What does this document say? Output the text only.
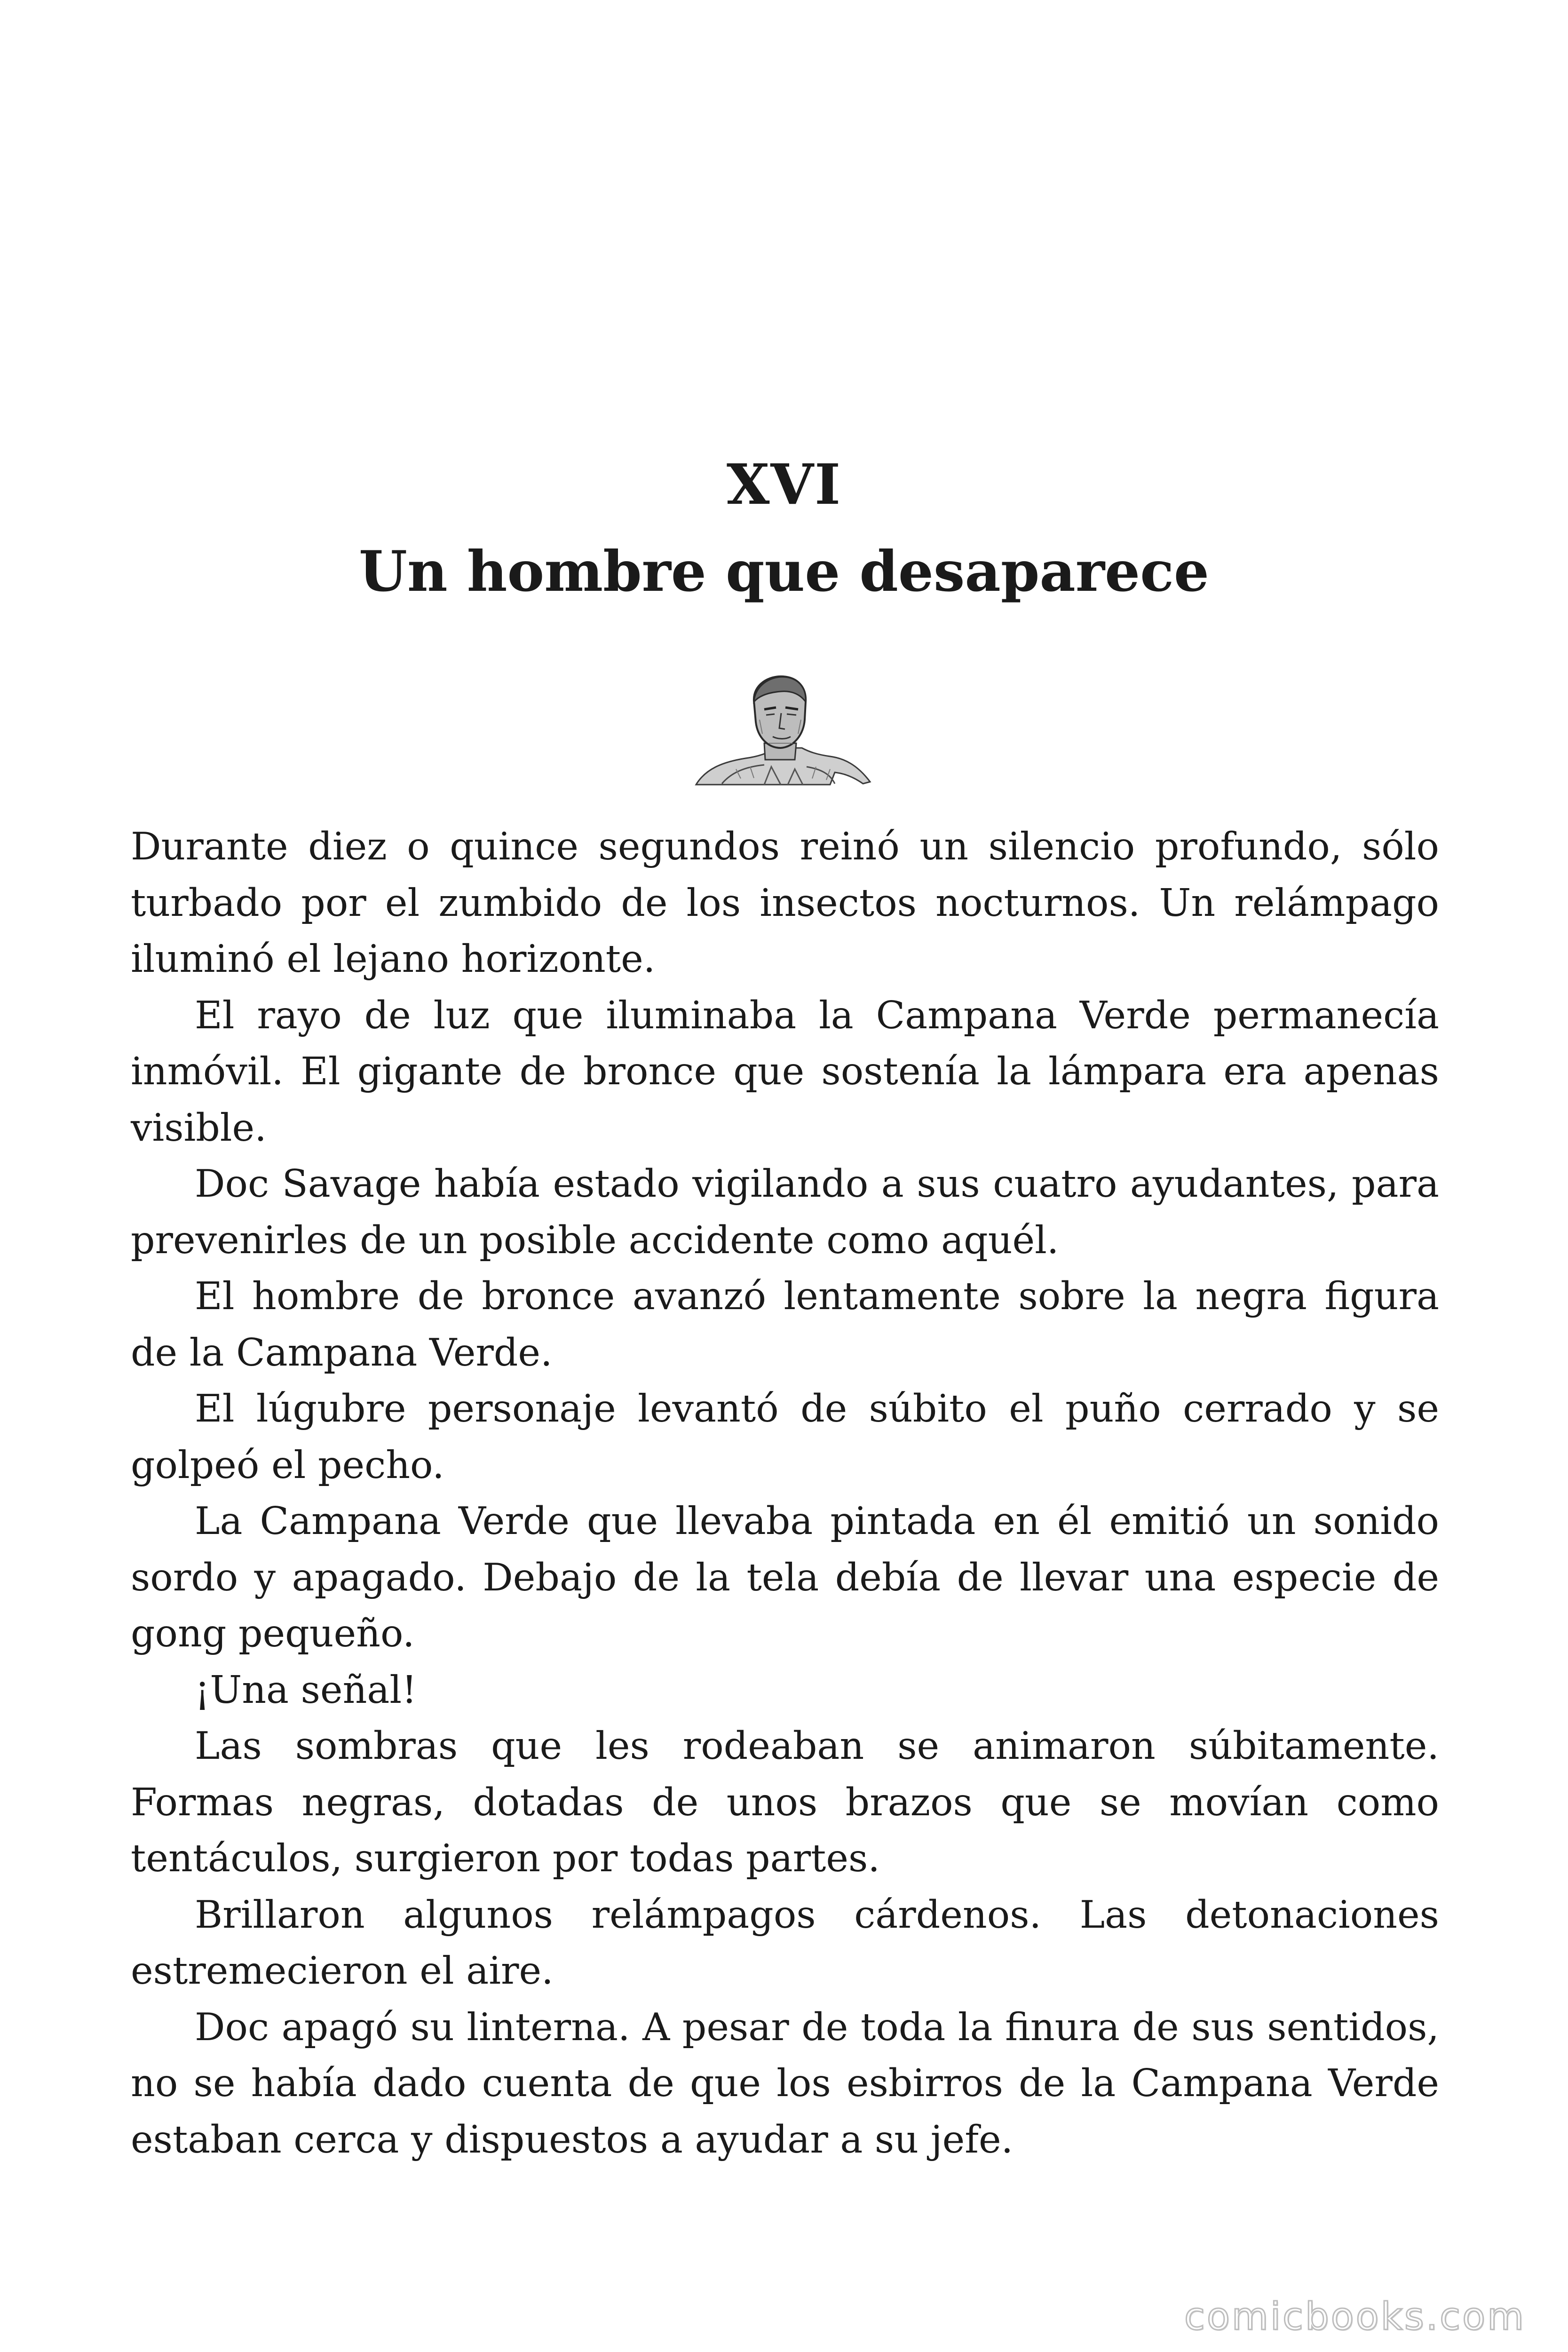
XVI
Un hombre que desaparece

Durante diez o quince segundos reinó un silencio profundo, sólo turbado por el zumbido de los insectos nocturnos. Un relámpago iluminó el lejano horizonte.

El rayo de luz que iluminaba la Campana Verde permanecía inmóvil. El gigante de bronce que sostenía la lámpara era apenas visible.

Doc Savage había estado vigilando a sus cuatro ayudantes, para prevenirles de un posible accidente como aquél.

El hombre de bronce avanzó lentamente sobre la negra figura de la Campana Verde.

El lúgubre personaje levantó de súbito el puño cerrado y se golpeó el pecho.

La Campana Verde que llevaba pintada en él emitió un sonido sordo y apagado. Debajo de la tela debía de llevar una especie de gong pequeño.

¡Una señal!

Las sombras que les rodeaban se animaron súbitamente. Formas negras, dotadas de unos brazos que se movían como tentáculos, surgieron por todas partes.

Brillaron algunos relámpagos cárdenos. Las detonaciones estremecieron el aire.

Doc apagó su linterna. A pesar de toda la finura de sus sentidos, no se había dado cuenta de que los esbirros de la Campana Verde estaban cerca y dispuestos a ayudar a su jefe.

comicbooks.com
